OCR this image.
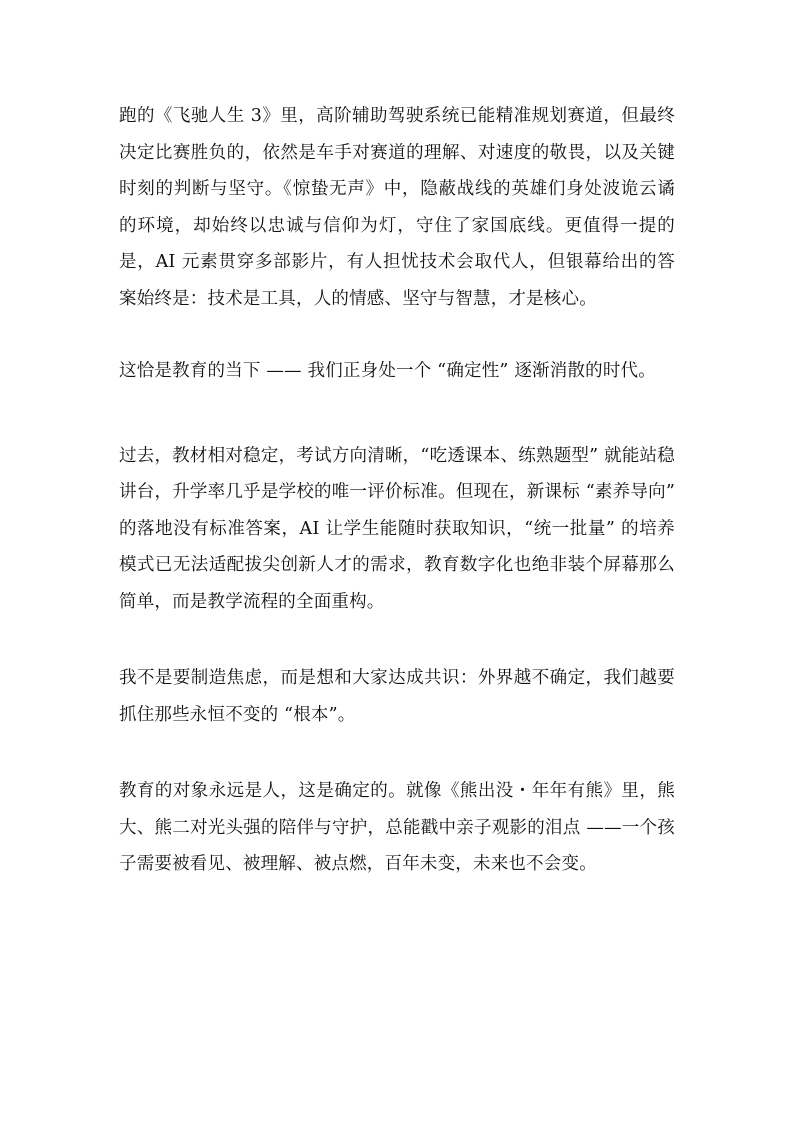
跑的《飞驰人生 3》里，高阶辅助驾驶系统已能精准规划赛道，但最终决定比赛胜负的，依然是车手对赛道的理解、对速度的敬畏，以及关键时刻的判断与坚守。《惊蛰无声》中，隐蔽战线的英雄们身处波诡云谲的环境，却始终以忠诚与信仰为灯，守住了家国底线。更值得一提的是，AI 元素贯穿多部影片，有人担忧技术会取代人，但银幕给出的答案始终是：技术是工具，人的情感、坚守与智慧，才是核心。

这恰是教育的当下 —— 我们正身处一个 “确定性” 逐渐消散的时代。

过去，教材相对稳定，考试方向清晰，“吃透课本、练熟题型” 就能站稳讲台，升学率几乎是学校的唯一评价标准。但现在，新课标 “素养导向” 的落地没有标准答案，AI 让学生能随时获取知识，“统一批量” 的培养模式已无法适配拔尖创新人才的需求，教育数字化也绝非装个屏幕那么简单，而是教学流程的全面重构。

我不是要制造焦虑，而是想和大家达成共识：外界越不确定，我们越要抓住那些永恒不变的 “根本”。

教育的对象永远是人，这是确定的。就像《熊出没・年年有熊》里，熊大、熊二对光头强的陪伴与守护，总能戳中亲子观影的泪点 ——一个孩子需要被看见、被理解、被点燃，百年未变，未来也不会变。
